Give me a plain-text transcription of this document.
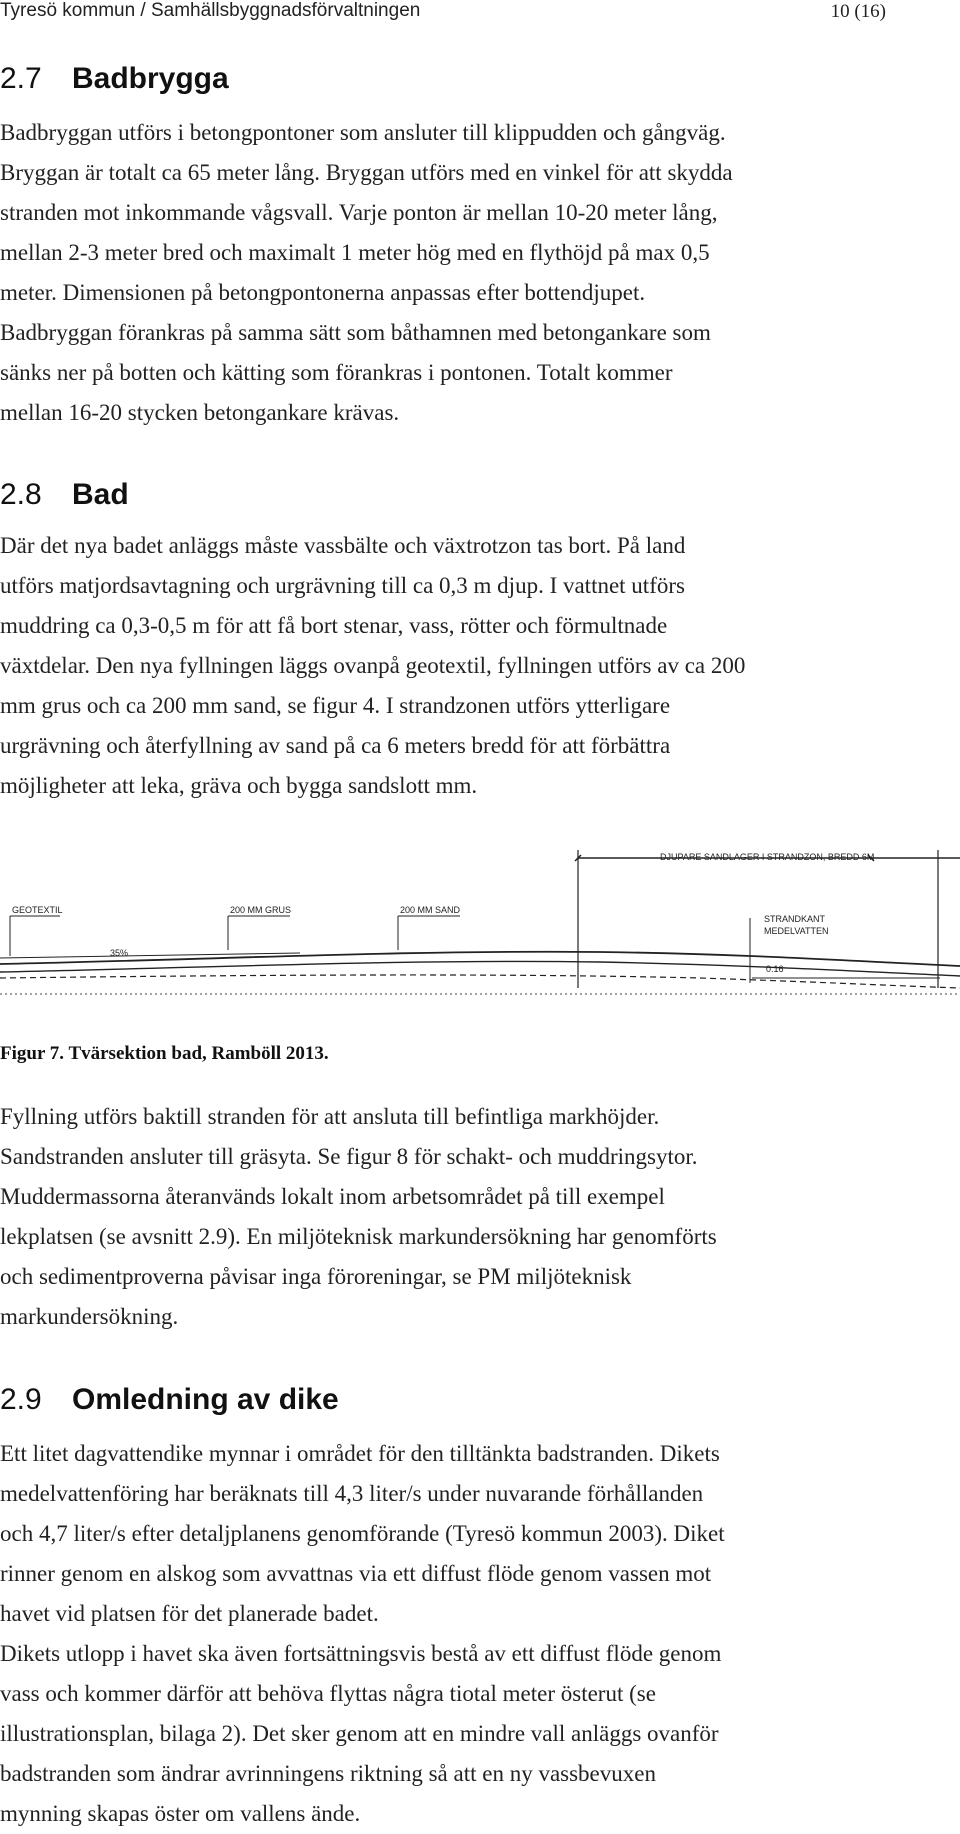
Tyresö kommun / Samhällsbyggnadsförvaltningen	10 (16)
2.7 Badbrygga
Badbryggan utförs i betongpontoner som ansluter till klippudden och gångväg.
Bryggan är totalt ca 65 meter lång. Bryggan utförs med en vinkel för att skydda
stranden mot inkommande vågsvall. Varje ponton är mellan 10-20 meter lång,
mellan 2-3 meter bred och maximalt 1 meter hög med en flythöjd på max 0,5
meter. Dimensionen på betongpontonerna anpassas efter bottendjupet.
Badbryggan förankras på samma sätt som båthamnen med betongankare som
sänks ner på botten och kätting som förankras i pontonen. Totalt kommer
mellan 16-20 stycken betongankare krävas.
2.8 Bad
Där det nya badet anläggs måste vassbälte och växtrotzon tas bort. På land
utförs matjordsavtagning och urgrävning till ca 0,3 m djup. I vattnet utförs
muddring ca 0,3-0,5 m för att få bort stenar, vass, rötter och förmultnade
växtdelar. Den nya fyllningen läggs ovanpå geotextil, fyllningen utförs av ca 200
mm grus och ca 200 mm sand, se figur 4. I strandzonen utförs ytterligare
urgrävning och återfyllning av sand på ca 6 meters bredd för att förbättra
möjligheter att leka, gräva och bygga sandslott mm.
DJUPARE SANDLAGER I STRANDZON, BREDD 6M
GEOTEXTIL	200 MM GRUS	200 MM SAND
STRANDKANT
MEDELVATTEN
35%
0.16
Figur 7. Tvärsektion bad, Ramböll 2013.
Fyllning utförs baktill stranden för att ansluta till befintliga markhöjder.
Sandstranden ansluter till gräsyta. Se figur 8 för schakt- och muddringsytor.
Muddermassorna återanvänds lokalt inom arbetsområdet på till exempel
lekplatsen (se avsnitt 2.9). En miljöteknisk markundersökning har genomförts
och sedimentproverna påvisar inga föroreningar, se PM miljöteknisk
markundersökning.
2.9 Omledning av dike
Ett litet dagvattendike mynnar i området för den tilltänkta badstranden. Dikets
medelvattenföring har beräknats till 4,3 liter/s under nuvarande förhållanden
och 4,7 liter/s efter detaljplanens genomförande (Tyresö kommun 2003). Diket
rinner genom en alskog som avvattnas via ett diffust flöde genom vassen mot
havet vid platsen för det planerade badet.
Dikets utlopp i havet ska även fortsättningsvis bestå av ett diffust flöde genom
vass och kommer därför att behöva flyttas några tiotal meter österut (se
illustrationsplan, bilaga 2). Det sker genom att en mindre vall anläggs ovanför
badstranden som ändrar avrinningens riktning så att en ny vassbevuxen
mynning skapas öster om vallens ände.
